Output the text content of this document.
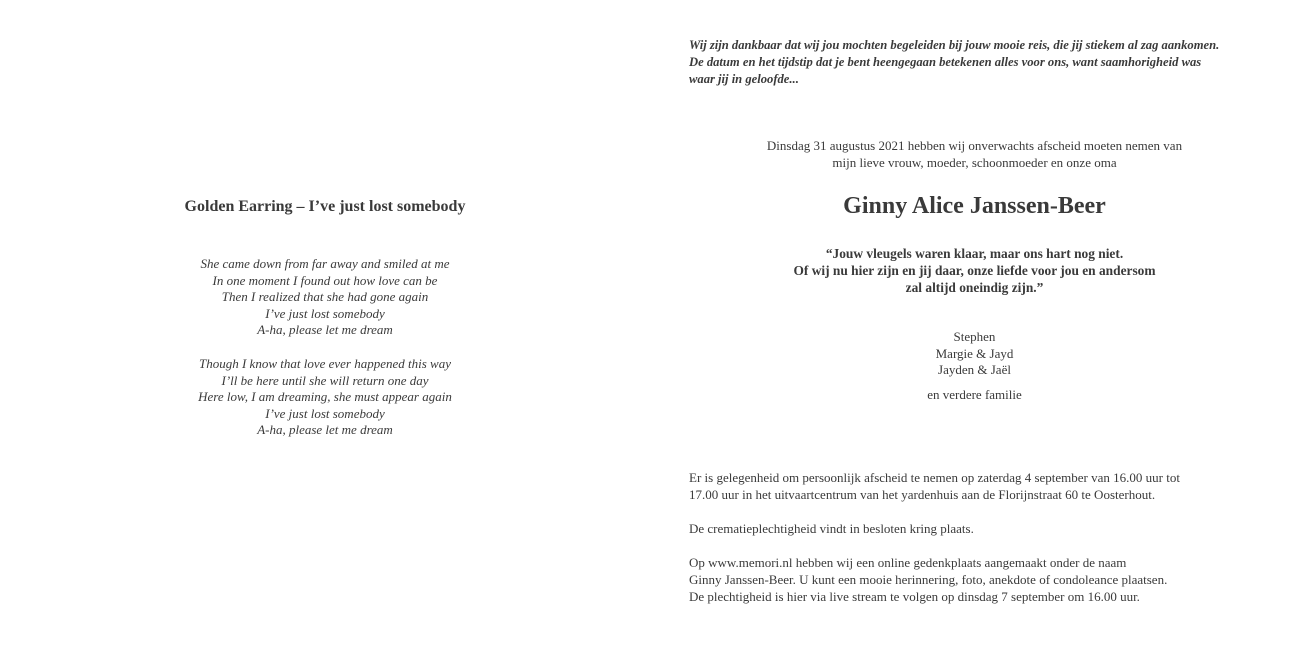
Golden Earring – I’ve just lost somebody
She came down from far away and smiled at me
In one moment I found out how love can be
Then I realized that she had gone again
I’ve just lost somebody
A-ha, please let me dream
Though I know that love ever happened this way
I’ll be here until she will return one day
Here low, I am dreaming, she must appear again
I’ve just lost somebody
A-ha, please let me dream
Wij zijn dankbaar dat wij jou mochten begeleiden bij jouw mooie reis, die jij stiekem al zag aankomen.
De datum en het tijdstip dat je bent heengegaan betekenen alles voor ons, want saamhorigheid was
waar jij in geloofde...
Dinsdag 31 augustus 2021 hebben wij onverwachts afscheid moeten nemen van
mijn lieve vrouw, moeder, schoonmoeder en onze oma
Ginny Alice Janssen-Beer
“Jouw vleugels waren klaar, maar ons hart nog niet.
Of wij nu hier zijn en jij daar, onze liefde voor jou en andersom
zal altijd oneindig zijn.”
Stephen
Margie & Jayd
Jayden & Jaël
en verdere familie
Er is gelegenheid om persoonlijk afscheid te nemen op zaterdag 4 september van 16.00 uur tot
17.00 uur in het uitvaartcentrum van het yardenhuis aan de Florijnstraat 60 te Oosterhout.
De crematieplechtigheid vindt in besloten kring plaats.
Op www.memori.nl hebben wij een online gedenkplaats aangemaakt onder de naam
Ginny Janssen-Beer. U kunt een mooie herinnering, foto, anekdote of condoleance plaatsen.
De plechtigheid is hier via live stream te volgen op dinsdag 7 september om 16.00 uur.
